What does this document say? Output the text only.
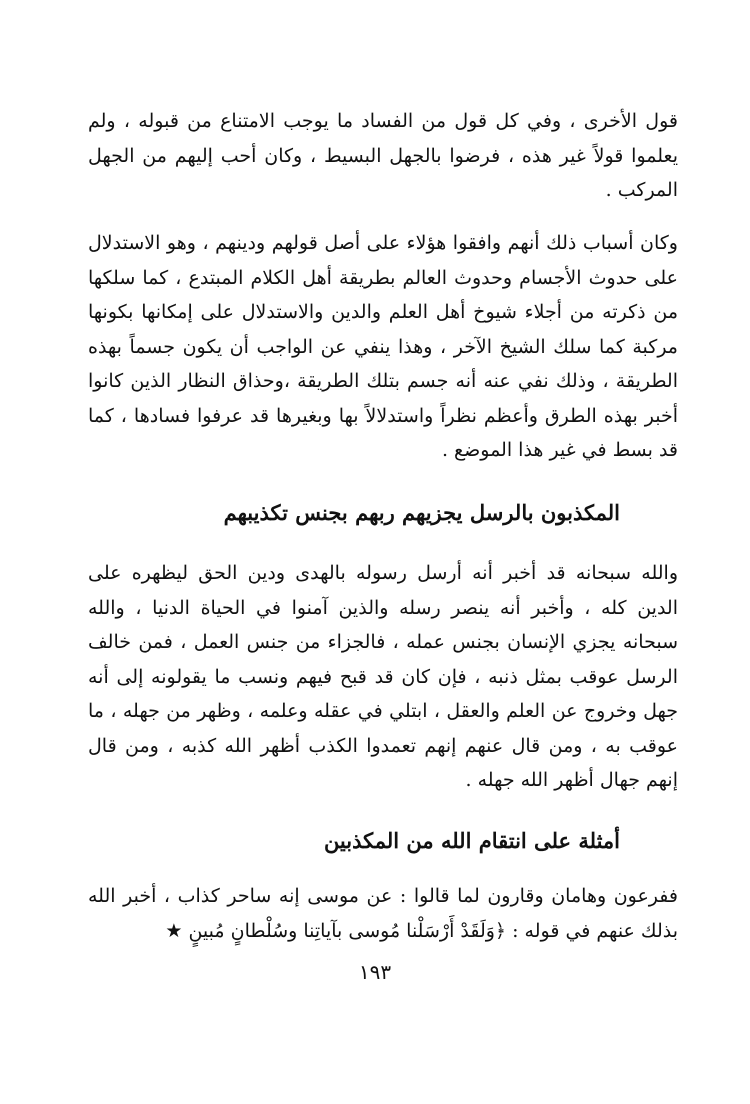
قول الأخرى ، وفي كل قول من الفساد ما يوجب الامتناع من قبوله ، ولم يعلموا قولاً غير هذه ، فرضوا بالجهل البسيط ، وكان أحب إليهم من الجهل المركب .
وكان أسباب ذلك أنهم وافقوا هؤلاء على أصل قولهم ودينهم ، وهو الاستدلال على حدوث الأجسام وحدوث العالم بطريقة أهل الكلام المبتدع ، كما سلكها من ذكرته من أجلاء شيوخ أهل العلم والدين والاستدلال على إمكانها بكونها مركبة كما سلك الشيخ الآخر ، وهذا ينفي عن الواجب أن يكون جسماً بهذه الطريقة ، وذلك نفي عنه أنه جسم بتلك الطريقة ،وحذاق النظار الذين كانوا أخبر بهذه الطرق وأعظم نظراً واستدلالاً بها وبغيرها قد عرفوا فسادها ، كما قد بسط في غير هذا الموضع .
المكذبون بالرسل يجزيهم ربهم بجنس تكذيبهم
والله سبحانه قد أخبر أنه أرسل رسوله بالهدى ودين الحق ليظهره على الدين كله ، وأخبر أنه ينصر رسله والذين آمنوا في الحياة الدنيا ، والله سبحانه يجزي الإنسان بجنس عمله ، فالجزاء من جنس العمل ، فمن خالف الرسل عوقب بمثل ذنبه ، فإن كان قد قبح فيهم ونسب ما يقولونه إلى أنه جهل وخروج عن العلم والعقل ، ابتلي في عقله وعلمه ، وظهر من جهله ، ما عوقب به ، ومن قال عنهم إنهم تعمدوا الكذب أظهر الله كذبه ، ومن قال إنهم جهال أظهر الله جهله .
أمثلة على انتقام الله من المكذبين
ففرعون وهامان وقارون لما قالوا : عن موسى إنه ساحر كذاب ، أخبر الله بذلك عنهم في قوله : ﴿وَلَقَدْ أَرْسَلْنا مُوسى بآياتِنا وسُلْطانٍ مُبينٍ ★
١٩٣
